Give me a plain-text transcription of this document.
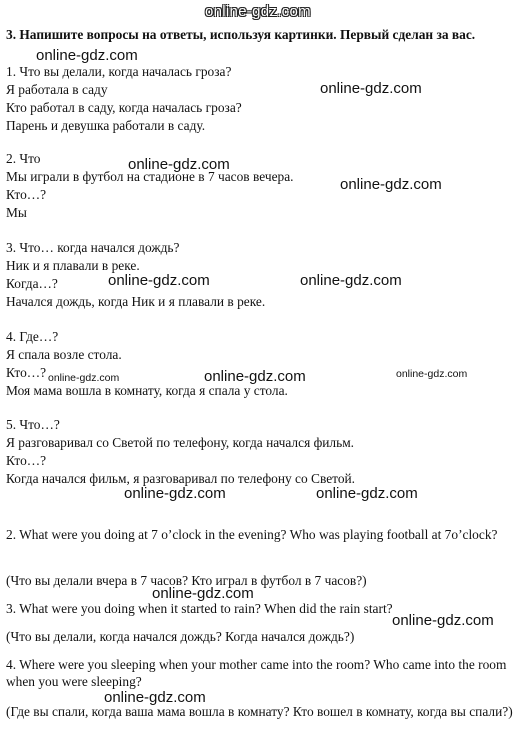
3. Напишите вопросы на ответы, используя картинки. Первый сделан за вас.

1. Что вы делали, когда началась гроза?

Я работала в саду

Кто работал в саду, когда началась гроза?

Парень и девушка работали в саду.

2. Что

Мы играли в футбол на стадионе в 7 часов вечера.

Кто…?

Мы

3. Что… когда начался дождь?

Ник и я плавали в реке.

Когда…?

Начался дождь, когда Ник и я плавали в реке.

4. Где…?

Я спала возле стола.

Кто…?

Моя мама вошла в комнату, когда я спала у стола.

5. Что…?

Я разговаривал со Светой по телефону, когда начался фильм.

Кто…?

Когда начался фильм, я разговаривал по телефону со Светой.

2. What were you doing at 7 o’clock in the evening? Who was playing football at 7o’clock?

(Что вы делали вчера в 7 часов? Кто играл в футбол в 7 часов?)

3. What were you doing when it started to rain? When did the rain start?

(Что вы делали, когда начался дождь? Когда начался дождь?)

4. Where were you sleeping when your mother came into the room? Who came into the room when you were sleeping?

(Где вы спали, когда ваша мама вошла в комнату? Кто вошел в комнату, когда вы спали?)

online-gdz.com
online-gdz.com
online-gdz.com
online-gdz.com
online-gdz.com
online-gdz.com	online-gdz.com
online-gdz.com
online-gdz.com	online-gdz.com
online-gdz.com	online-gdz.com
online-gdz.com
online-gdz.com
online-gdz.com
